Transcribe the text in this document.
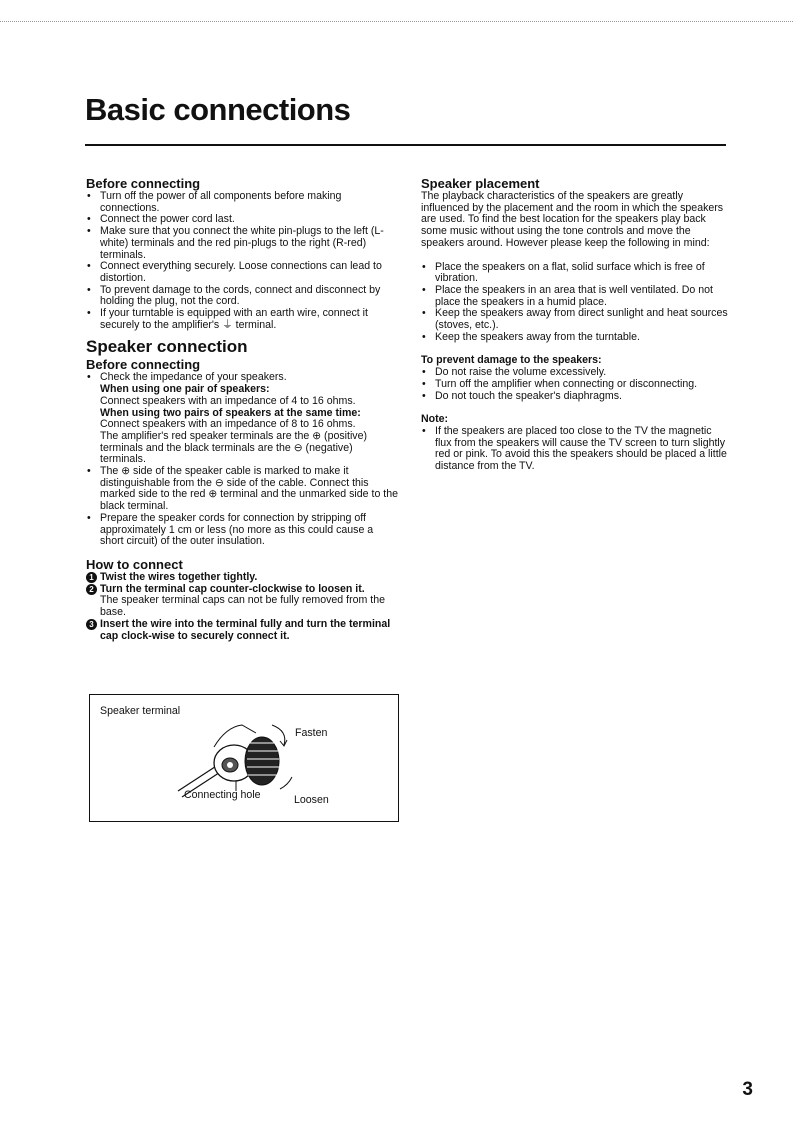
Basic connections
Before connecting
• Turn off the power of all components before making connections.
• Connect the power cord last.
• Make sure that you connect the white pin-plugs to the left (L-white) terminals and the red pin-plugs to the right (R-red) terminals.
• Connect everything securely. Loose connections can lead to distortion.
• To prevent damage to the cords, connect and disconnect by holding the plug, not the cord.
• If your turntable is equipped with an earth wire, connect it securely to the amplifier's ⏚ terminal.
Speaker connection
Before connecting
• Check the impedance of your speakers.
When using one pair of speakers:
Connect speakers with an impedance of 4 to 16 ohms.
When using two pairs of speakers at the same time:
Connect speakers with an impedance of 8 to 16 ohms.
The amplifier's red speaker terminals are the ⊕ (positive) terminals and the black terminals are the ⊖ (negative) terminals.
• The ⊕ side of the speaker cable is marked to make it distinguishable from the ⊖ side of the cable. Connect this marked side to the red ⊕ terminal and the unmarked side to the black terminal.
• Prepare the speaker cords for connection by stripping off approximately 1 cm or less (no more as this could cause a short circuit) of the outer insulation.
How to connect
1 Twist the wires together tightly.
2 Turn the terminal cap counter-clockwise to loosen it.
The speaker terminal caps can not be fully removed from the base.
3 Insert the wire into the terminal fully and turn the terminal cap clock-wise to securely connect it.
Speaker terminal
Fasten
Connecting hole	Loosen
Speaker placement

The playback characteristics of the speakers are greatly influenced by the placement and the room in which the speakers are used. To find the best location for the speakers play back some music without using the tone controls and move the speakers around. However please keep the following in mind:

• Place the speakers on a flat, solid surface which is free of vibration.
• Place the speakers in an area that is well ventilated. Do not place the speakers in a humid place.
• Keep the speakers away from direct sunlight and heat sources (stoves, etc.).
• Keep the speakers away from the turntable.
To prevent damage to the speakers:
• Do not raise the volume excessively.
• Turn off the amplifier when connecting or disconnecting.
• Do not touch the speaker's diaphragms.
Note:
• If the speakers are placed too close to the TV the magnetic flux from the speakers will cause the TV screen to turn slightly red or pink. To avoid this the speakers should be placed a little distance from the TV.
3
